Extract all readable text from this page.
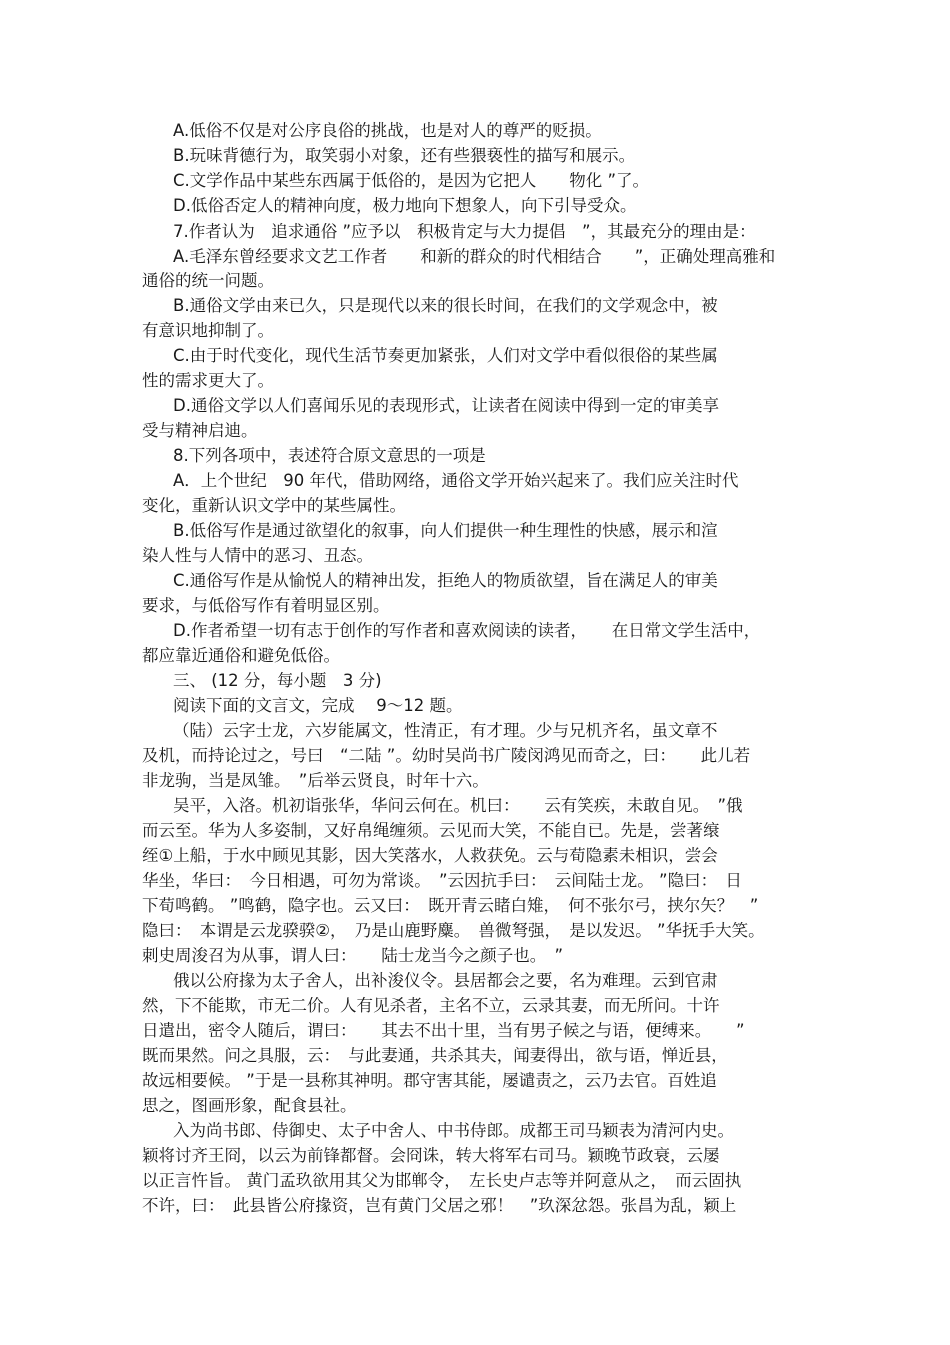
A.低俗不仅是对公序良俗的挑战，也是对人的尊严的贬损。
B.玩味背德行为，取笑弱小对象，还有些猥亵性的描写和展示。
C.文学作品中某些东西属于低俗的，是因为它把人　　物化 ”了。
D.低俗否定人的精神向度，极力地向下想象人，向下引导受众。
7.作者认为　追求通俗 ”应予以　积极肯定与大力提倡　”，其最充分的理由是：
A.毛泽东曾经要求文艺工作者　　和新的群众的时代相结合　　”，正确处理高雅和
通俗的统一问题。
B.通俗文学由来已久，只是现代以来的很长时间，在我们的文学观念中，被
有意识地抑制了。
C.由于时代变化，现代生活节奏更加紧张，人们对文学中看似很俗的某些属
性的需求更大了。
D.通俗文学以人们喜闻乐见的表现形式，让读者在阅读中得到一定的审美享
受与精神启迪。
8.下列各项中，表述符合原文意思的一项是
A．上个世纪　90 年代，借助网络，通俗文学开始兴起来了。我们应关注时代
变化，重新认识文学中的某些属性。
B.低俗写作是通过欲望化的叙事，向人们提供一种生理性的快感，展示和渲
染人性与人情中的恶习、丑态。
C.通俗写作是从愉悦人的精神出发，拒绝人的物质欲望，旨在满足人的审美
要求，与低俗写作有着明显区别。
D.作者希望一切有志于创作的写作者和喜欢阅读的读者，　　在日常文学生活中，
都应靠近通俗和避免低俗。
三、 (12 分，每小题　3 分)
阅读下面的文言文，完成　 9～12 题。
（陆）云字士龙，六岁能属文，性清正，有才理。少与兄机齐名，虽文章不
及机，而持论过之，号曰　“二陆 ”。幼时吴尚书广陵闵鸿见而奇之，曰：　　此儿若
非龙驹，当是凤雏。　”后举云贤良，时年十六。
吴平，入洛。机初诣张华，华问云何在。机曰：　　云有笑疾，未敢自见。　”俄
而云至。华为人多姿制，又好帛绳缠须。云见而大笑，不能自已。先是，尝著缞
绖①上船，于水中顾见其影，因大笑落水，人救获免。云与荀隐素未相识，尝会
华坐，华曰：　今日相遇，可勿为常谈。　”云因抗手曰：　云间陆士龙。 ”隐曰：　日
下荀鸣鹤。 ”鸣鹤，隐字也。云又曰：　既开青云睹白雉，　何不张尔弓，挟尔矢？　”
隐曰：　本谓是云龙骙骙②，　乃是山鹿野麋。　兽微弩强，　是以发迟。 ”华抚手大笑。
刺史周浚召为从事，谓人曰：　　陆士龙当今之颜子也。　”
俄以公府掾为太子舍人，出补浚仪令。县居都会之要，名为难理。云到官肃
然，下不能欺，市无二价。人有见杀者，主名不立，云录其妻，而无所问。十许
日遣出，密令人随后，谓曰：　　其去不出十里，当有男子候之与语，便缚来。　　”
既而果然。问之具服，云：　与此妻通，共杀其夫，闻妻得出，欲与语，惮近县，
故远相要候。 ”于是一县称其神明。郡守害其能，屡谴责之，云乃去官。百姓追
思之，图画形象，配食县社。
入为尚书郎、侍御史、太子中舍人、中书侍郎。成都王司马颖表为清河内史。
颖将讨齐王冏，以云为前锋都督。会冏诛，转大将军右司马。颖晚节政衰，云屡
以正言忤旨。 黄门孟玖欲用其父为邯郸令，　左长史卢志等并阿意从之，　而云固执
不许，曰：　此县皆公府掾资，岂有黄门父居之邪！　”玖深忿怨。张昌为乱，颖上
